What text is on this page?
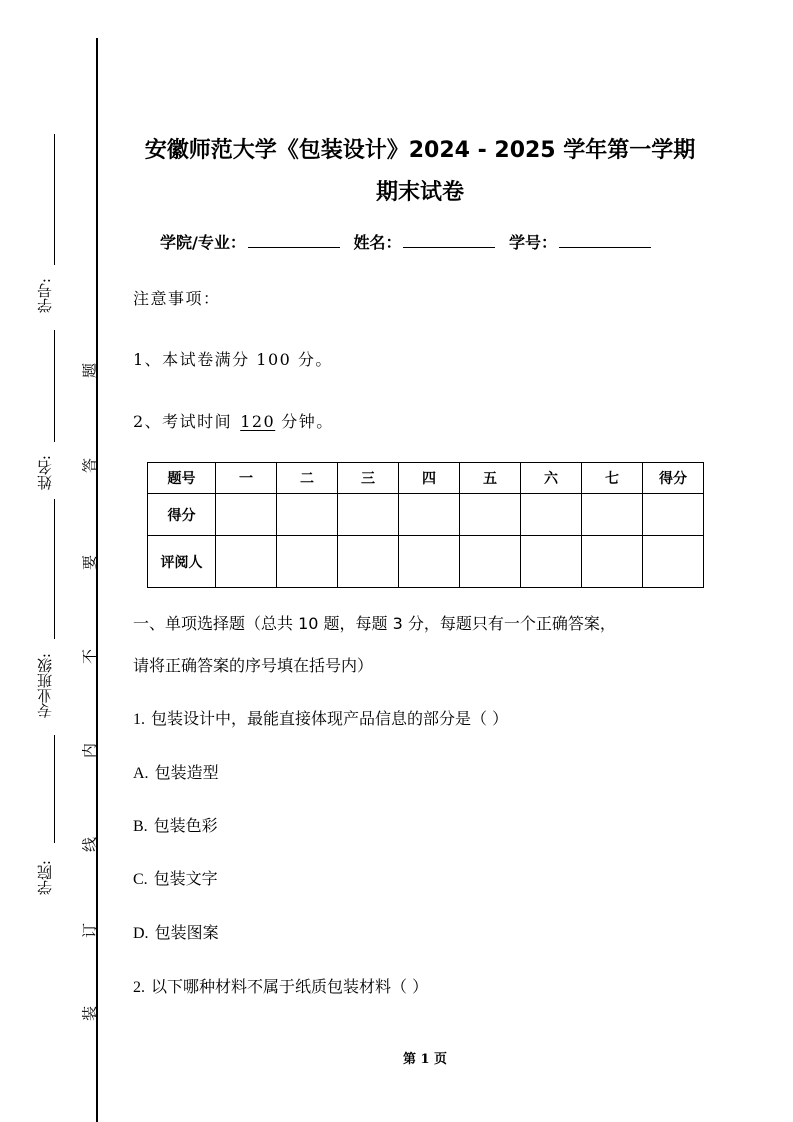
学号:
姓名:
专业班级:
学院:
题
答
要
不
内
线
订
装
安徽师范大学《包装设计》2024 - 2025 学年第一学期
期末试卷
学院/专业：	姓名：	学号：
注意事项：
1、本试卷满分 100 分。
2、考试时间 120 分钟。
题号	一	二	三	四	五	六	七	得分
得分								
评阅人								
一、单项选择题（总共 10 题，每题 3 分，每题只有一个正确答案，
请将正确答案的序号填在括号内）
1. 包装设计中，最能直接体现产品信息的部分是（ ）
A. 包装造型
B. 包装色彩
C. 包装文字
D. 包装图案
2. 以下哪种材料不属于纸质包装材料（ ）
第 1 页
